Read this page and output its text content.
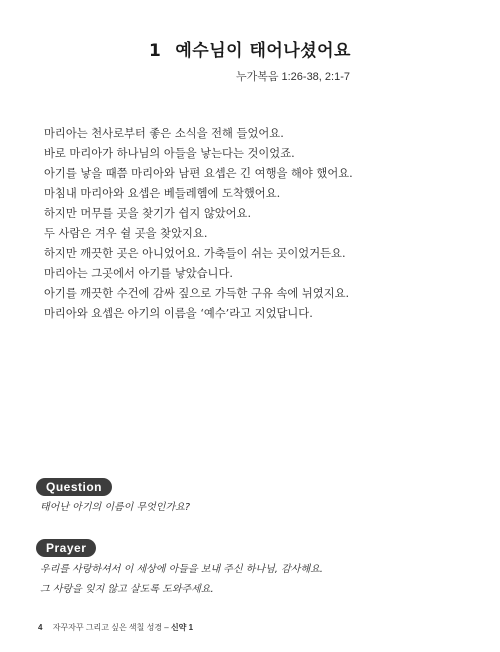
1 예수님이 태어나셨어요
누가복음 1:26-38, 2:1-7

마리아는 천사로부터 좋은 소식을 전해 들었어요.

바로 마리아가 하나님의 아들을 낳는다는 것이었죠.

아기를 낳을 때쯤 마리아와 남편 요셉은 긴 여행을 해야 했어요.

마침내 마리아와 요셉은 베들레헴에 도착했어요.

하지만 머무를 곳을 찾기가 쉽지 않았어요.

두 사람은 겨우 쉴 곳을 찾았지요.

하지만 깨끗한 곳은 아니었어요. 가축들이 쉬는 곳이었거든요.

마리아는 그곳에서 아기를 낳았습니다.

아기를 깨끗한 수건에 감싸 짚으로 가득한 구유 속에 뉘였지요.

마리아와 요셉은 아기의 이름을 ‘예수’라고 지었답니다.

Question
태어난 아기의 이름이 무엇인가요?
Prayer
우리를 사랑하셔서 이 세상에 아들을 보내 주신 하나님, 감사해요.
그 사랑을 잊지 않고 살도록 도와주세요.
4 자꾸자꾸 그리고 싶은 색칠 성경 – 신약 1
